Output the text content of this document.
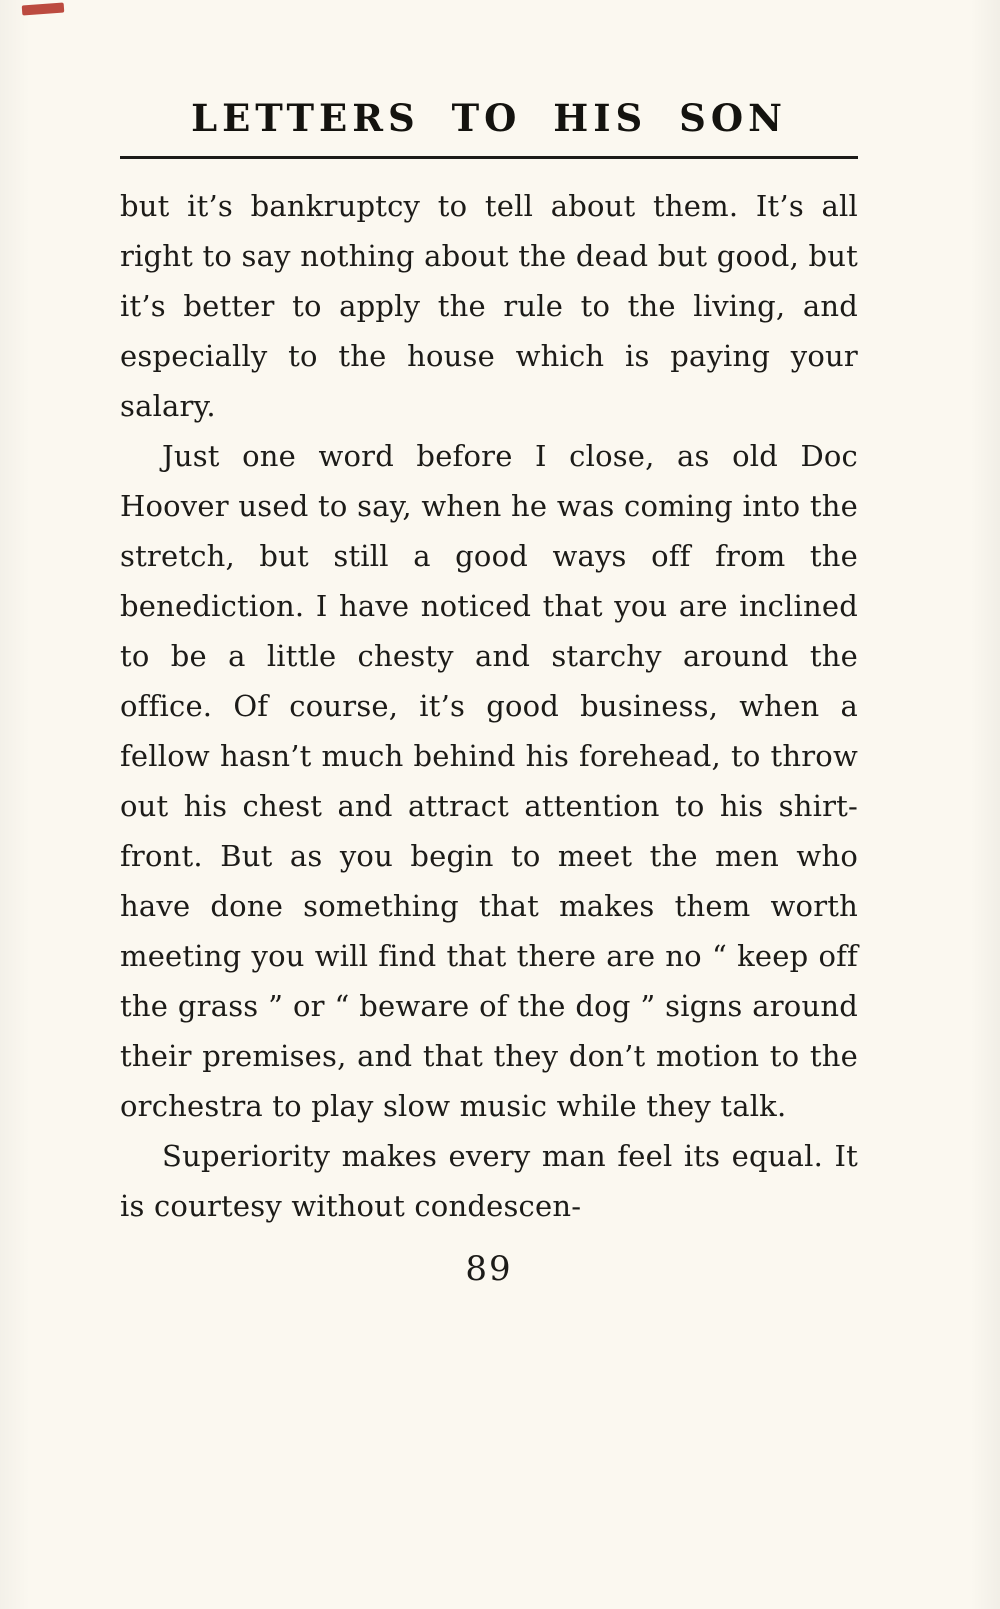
LETTERS TO HIS SON

but it’s bankruptcy to tell about them. It’s all right to say nothing about the dead but good, but it’s better to apply the rule to the living, and especially to the house which is paying your salary.

Just one word before I close, as old Doc Hoover used to say, when he was coming into the stretch, but still a good ways off from the benediction. I have noticed that you are inclined to be a little chesty and starchy around the office. Of course, it’s good business, when a fellow hasn’t much behind his forehead, to throw out his chest and attract attention to his shirt-front. But as you begin to meet the men who have done something that makes them worth meeting you will find that there are no “ keep off the grass ” or “ beware of the dog ” signs around their premises, and that they don’t motion to the orchestra to play slow music while they talk.

Superiority makes every man feel its equal. It is courtesy without condescen-

89
